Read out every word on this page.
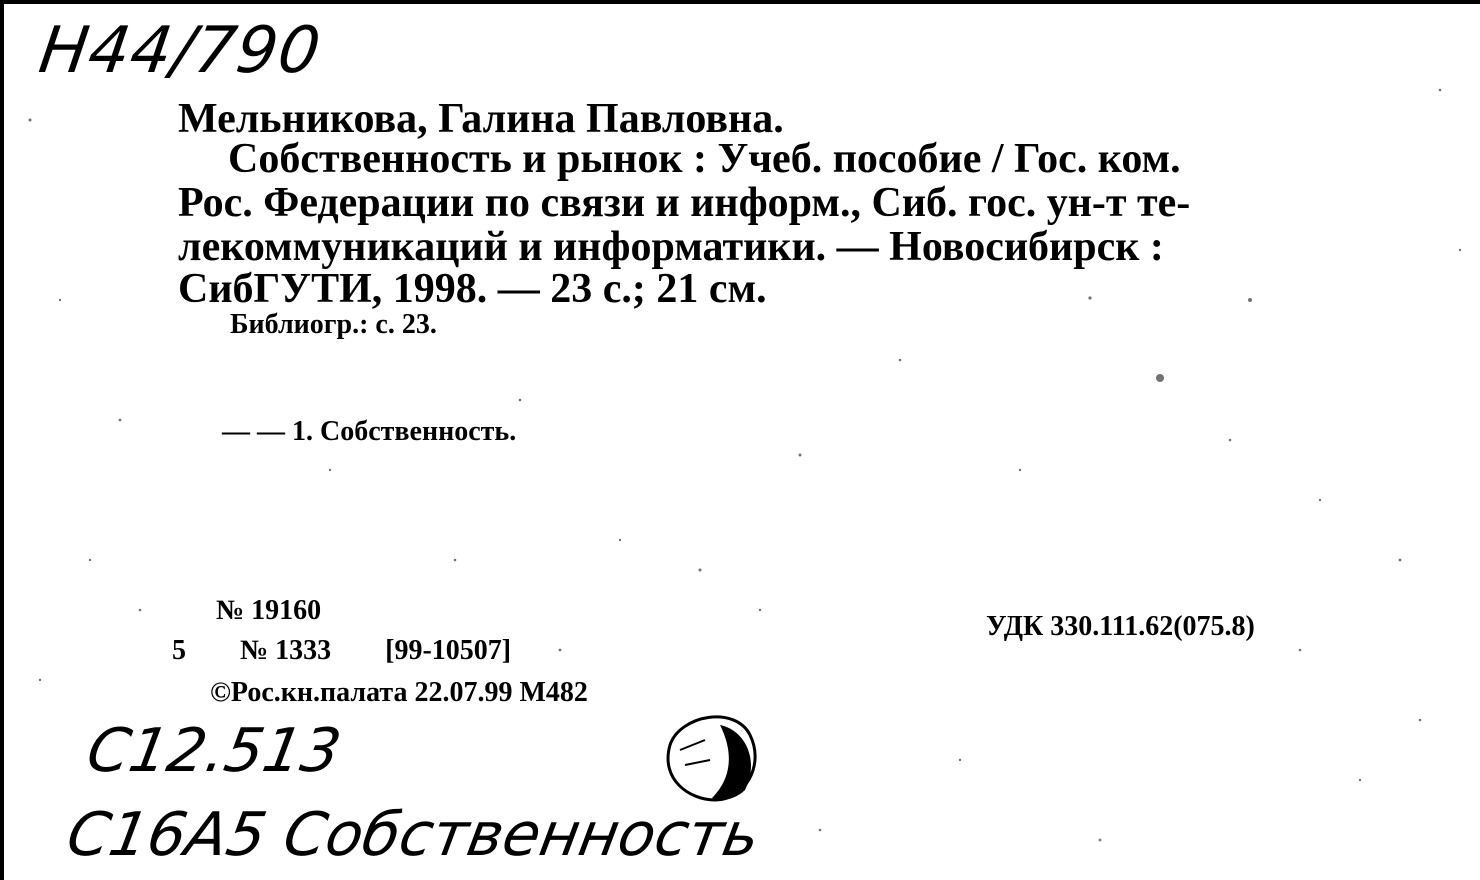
Н44/790
Мельникова, Галина Павловна.
Собственность и рынок : Учеб. пособие / Гос. ком.
Рос. Федерации по связи и информ., Сиб. гос. ун-т те-
лекоммуникаций и информатики. — Новосибирск :
СибГУТИ, 1998. — 23 с.; 21 см.
Библиогр.: с. 23.
— — 1. Собственность.
№ 19160
5 № 1333 [99-10507]
©Рос.кн.палата 22.07.99 М482
УДК 330.111.62(075.8)
С12.513
С16А5 Собственность
